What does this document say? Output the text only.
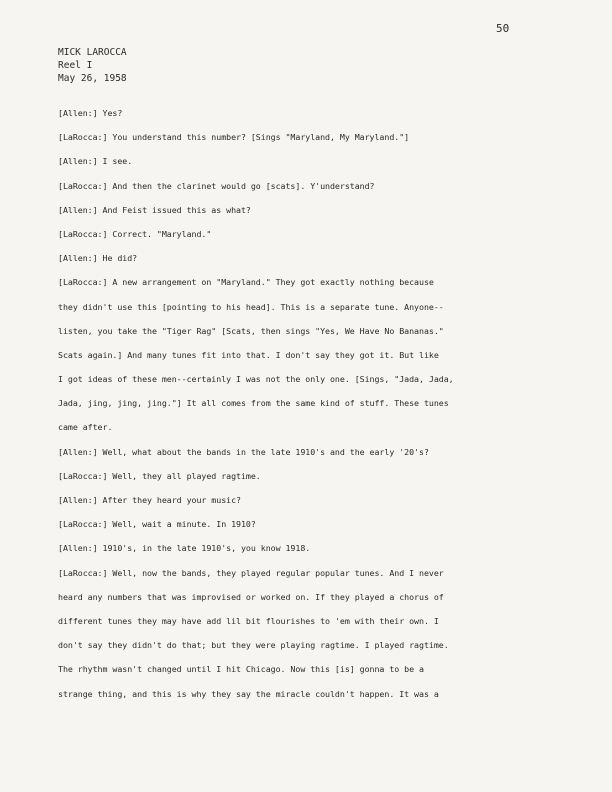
50
MICK LAROCCA
Reel I
May 26, 1958
[Allen:] Yes?
[LaRocca:] You understand this number? [Sings "Maryland, My Maryland."]
[Allen:] I see.
[LaRocca:] And then the clarinet would go [scats]. Y'understand?
[Allen:] And Feist issued this as what?
[LaRocca:] Correct. "Maryland."
[Allen:] He did?
[LaRocca:] A new arrangement on "Maryland." They got exactly nothing because
they didn't use this [pointing to his head]. This is a separate tune. Anyone--
listen, you take the "Tiger Rag" [Scats, then sings "Yes, We Have No Bananas."
Scats again.] And many tunes fit into that. I don't say they got it. But like
I got ideas of these men--certainly I was not the only one. [Sings, "Jada, Jada,
Jada, jing, jing, jing."] It all comes from the same kind of stuff. These tunes
came after.
[Allen:] Well, what about the bands in the late 1910's and the early '20's?
[LaRocca:] Well, they all played ragtime.
[Allen:] After they heard your music?
[LaRocca:] Well, wait a minute. In 1910?
[Allen:] 1910's, in the late 1910's, you know 1918.
[LaRocca:] Well, now the bands, they played regular popular tunes. And I never
heard any numbers that was improvised or worked on. If they played a chorus of
different tunes they may have add lil bit flourishes to 'em with their own. I
don't say they didn't do that; but they were playing ragtime. I played ragtime.
The rhythm wasn't changed until I hit Chicago. Now this [is] gonna to be a
strange thing, and this is why they say the miracle couldn't happen. It was a
